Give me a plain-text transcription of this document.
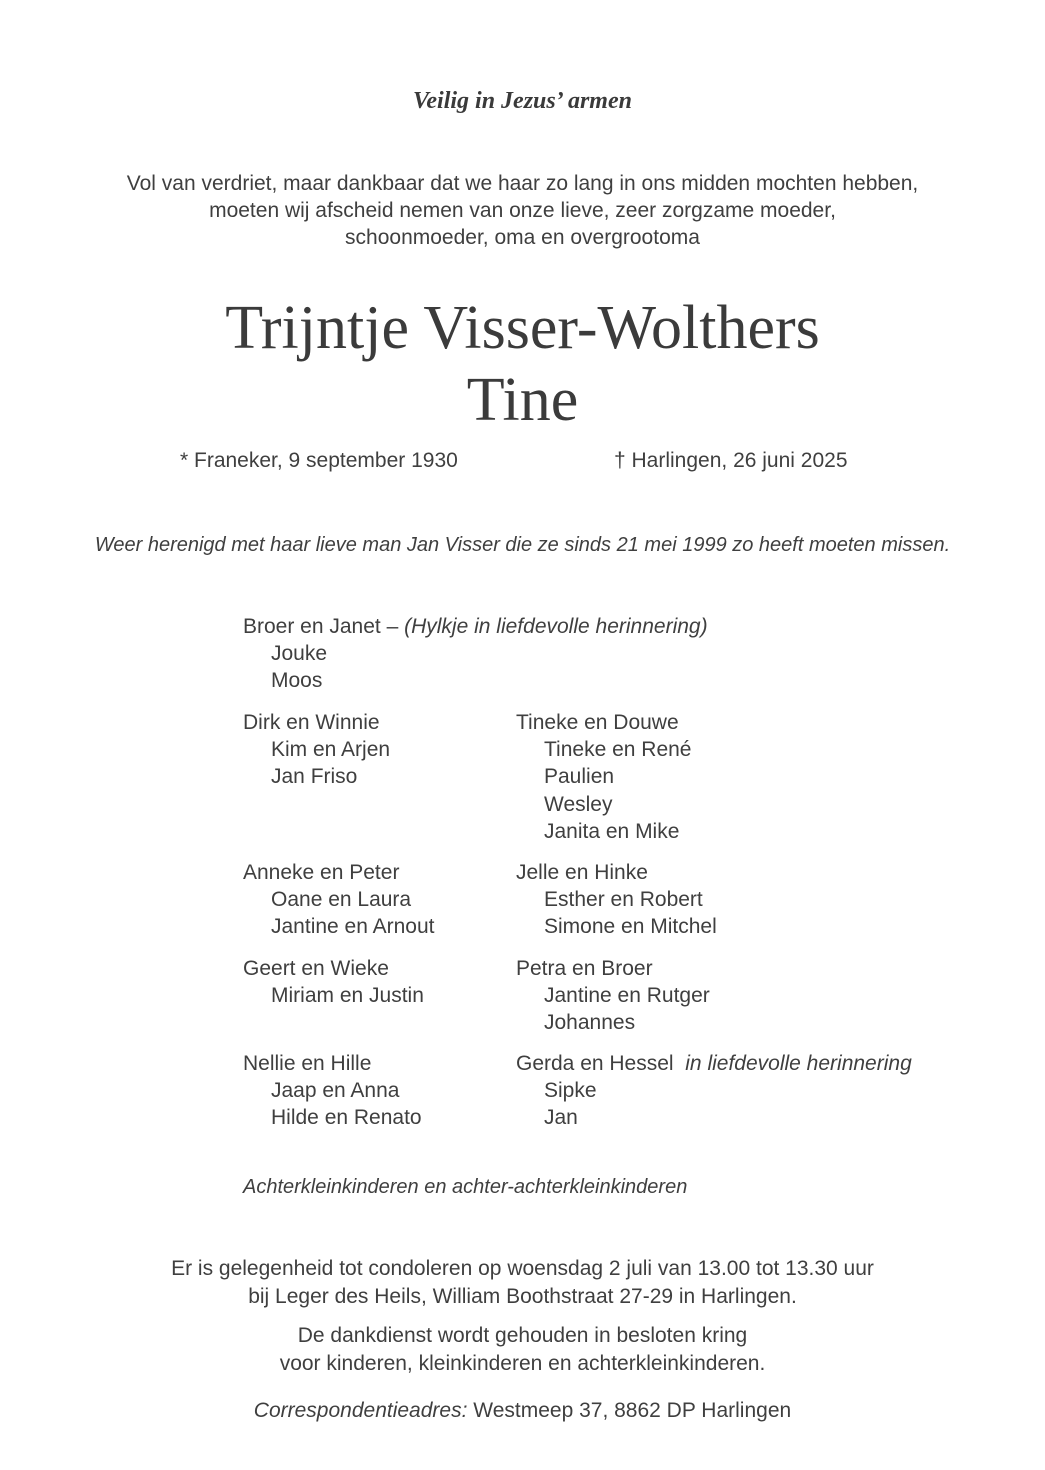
Veilig in Jezus’ armen
Vol van verdriet, maar dankbaar dat we haar zo lang in ons midden mochten hebben,
moeten wij afscheid nemen van onze lieve, zeer zorgzame moeder,
schoonmoeder, oma en overgrootoma
Trijntje Visser-Wolthers
Tine
* Franeker, 9 september 1930	† Harlingen, 26 juni 2025
Weer herenigd met haar lieve man Jan Visser die ze sinds 21 mei 1999 zo heeft moeten missen.
Broer en Janet – (Hylkje in liefdevolle herinnering)
Jouke
Moos
Dirk en Winnie
Kim en Arjen
Jan Friso
Tineke en Douwe
Tineke en René
Paulien
Wesley
Janita en Mike
Anneke en Peter
Oane en Laura
Jantine en Arnout
Jelle en Hinke
Esther en Robert
Simone en Mitchel
Geert en Wieke
Miriam en Justin
Petra en Broer
Jantine en Rutger
Johannes
Nellie en Hille
Jaap en Anna
Hilde en Renato
Gerda en Hessel in liefdevolle herinnering
Sipke
Jan
Achterkleinkinderen en achter-achterkleinkinderen
Er is gelegenheid tot condoleren op woensdag 2 juli van 13.00 tot 13.30 uur
bij Leger des Heils, William Boothstraat 27-29 in Harlingen.
De dankdienst wordt gehouden in besloten kring
voor kinderen, kleinkinderen en achterkleinkinderen.
Correspondentieadres: Westmeep 37, 8862 DP Harlingen
